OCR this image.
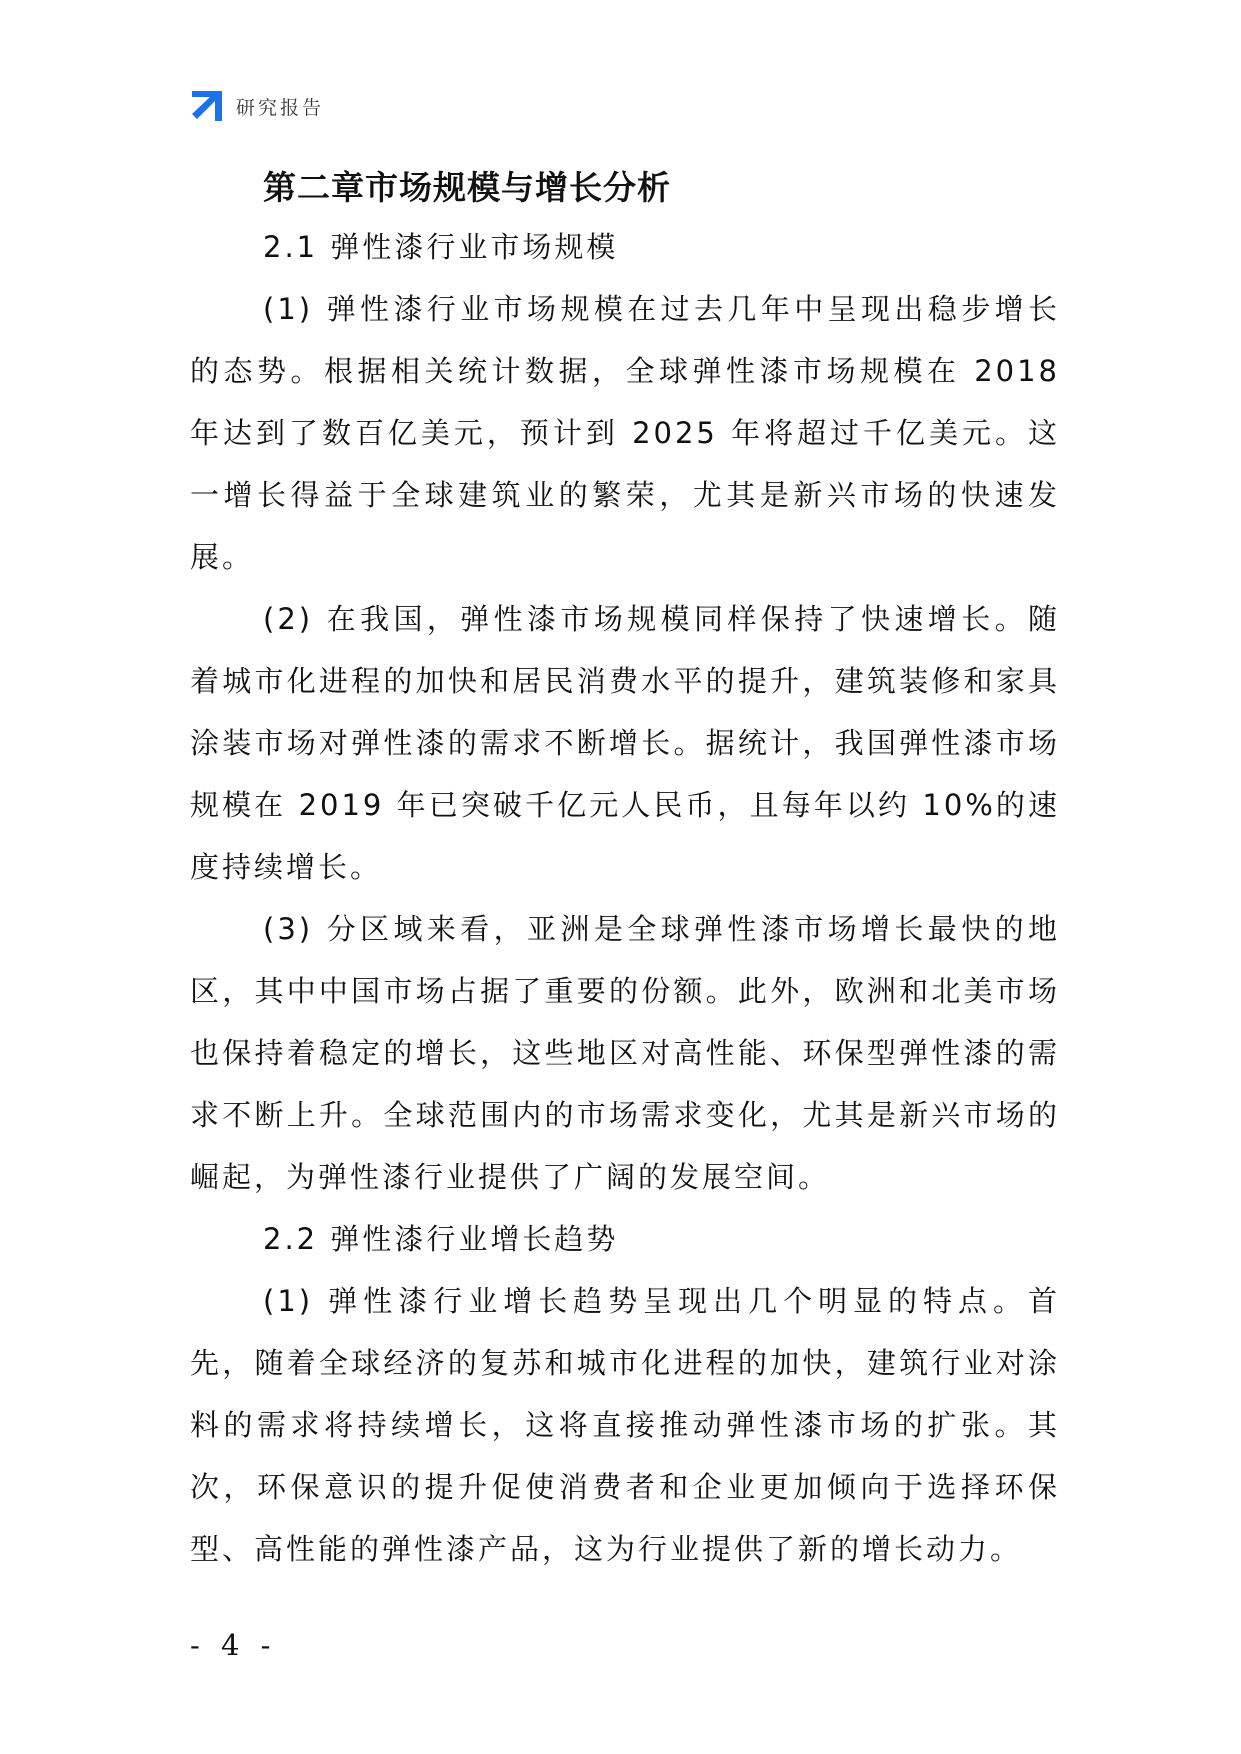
研究报告
第二章市场规模与增长分析
2.1 弹性漆行业市场规模

(1) 弹性漆行业市场规模在过去几年中呈现出稳步增长的态势。根据相关统计数据，全球弹性漆市场规模在 2018 年达到了数百亿美元，预计到 2025 年将超过千亿美元。这一增长得益于全球建筑业的繁荣，尤其是新兴市场的快速发展。

(2) 在我国，弹性漆市场规模同样保持了快速增长。随着城市化进程的加快和居民消费水平的提升，建筑装修和家具涂装市场对弹性漆的需求不断增长。据统计，我国弹性漆市场规模在 2019 年已突破千亿元人民币，且每年以约 10%的速度持续增长。

(3) 分区域来看，亚洲是全球弹性漆市场增长最快的地区，其中中国市场占据了重要的份额。此外，欧洲和北美市场也保持着稳定的增长，这些地区对高性能、环保型弹性漆的需求不断上升。全球范围内的市场需求变化，尤其是新兴市场的崛起，为弹性漆行业提供了广阔的发展空间。

2.2 弹性漆行业增长趋势

(1) 弹性漆行业增长趋势呈现出几个明显的特点。首先，随着全球经济的复苏和城市化进程的加快，建筑行业对涂料的需求将持续增长，这将直接推动弹性漆市场的扩张。其次，环保意识的提升促使消费者和企业更加倾向于选择环保型、高性能的弹性漆产品，这为行业提供了新的增长动力。

- 4 -
